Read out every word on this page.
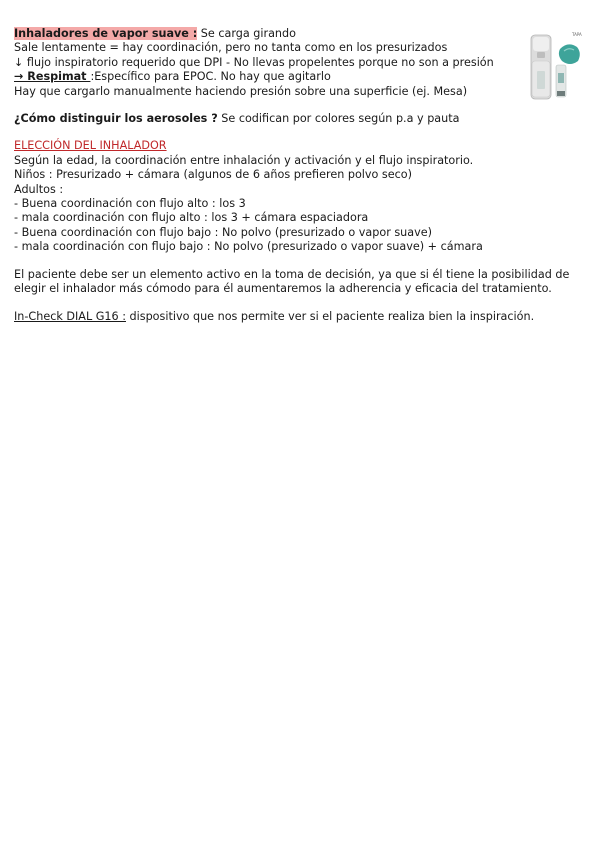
Inhaladores de vapor suave : Se carga girando
Sale lentamente = hay coordinación, pero no tanta como en los presurizados
↓ flujo inspiratorio requerido que DPI - No llevas propelentes porque no son a presión
→ Respimat :Específico para EPOC. No hay que agitarlo
Hay que cargarlo manualmente haciendo presión sobre una superficie (ej. Mesa)
¿Cómo distinguir los aerosoles ? Se codifican por colores según p.a y pauta
ELECCIÓN DEL INHALADOR
Según la edad, la coordinación entre inhalación y activación y el flujo inspiratorio.
Niños : Presurizado + cámara (algunos de 6 años prefieren polvo seco)
Adultos :
- Buena coordinación con flujo alto : los 3
- mala coordinación con flujo alto : los 3 + cámara espaciadora
- Buena coordinación con flujo bajo : No polvo (presurizado o vapor suave)
- mala coordinación con flujo bajo : No polvo (presurizado o vapor suave) + cámara
El paciente debe ser un elemento activo en la toma de decisión, ya que si él tiene la posibilidad de elegir el inhalador más cómodo para él aumentaremos la adherencia y eficacia del tratamiento.
In-Check DIAL G16 : dispositivo que nos permite ver si el paciente realiza bien la inspiración.
TAPA
